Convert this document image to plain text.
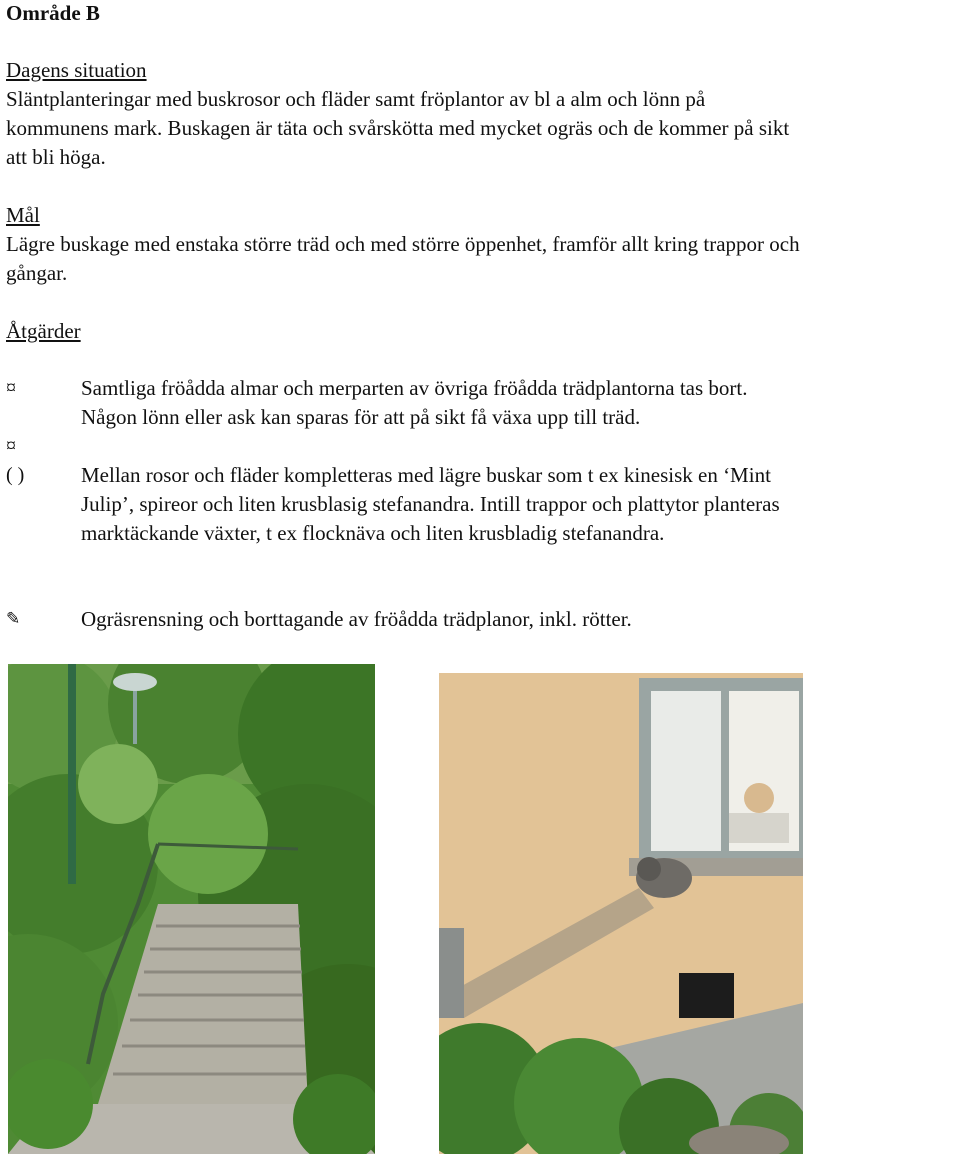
Område B
Dagens situation
Släntplanteringar med buskrosor och fläder samt fröplantor av bl a alm och lönn på
kommunens mark. Buskagen är täta och svårskötta med mycket ogräs och de kommer på sikt
att bli höga.
Mål
Lägre buskage med enstaka större träd och med större öppenhet, framför allt kring trappor och
gångar.
Åtgärder
¤	Samtliga fröådda almar och merparten av övriga fröådda trädplantorna tas bort.
Någon lönn eller ask kan sparas för att på sikt få växa upp till träd.
¤
( )	Mellan rosor och fläder kompletteras med lägre buskar som t ex kinesisk en ‘Mint
Julip’, spireor och liten krusblasig stefanandra. Intill trappor och plattytor planteras
marktäckande växter, t ex flocknäva och liten krusbladig stefanandra.
✎	Ogräsrensning och borttagande av fröådda trädplanor, inkl. rötter.
